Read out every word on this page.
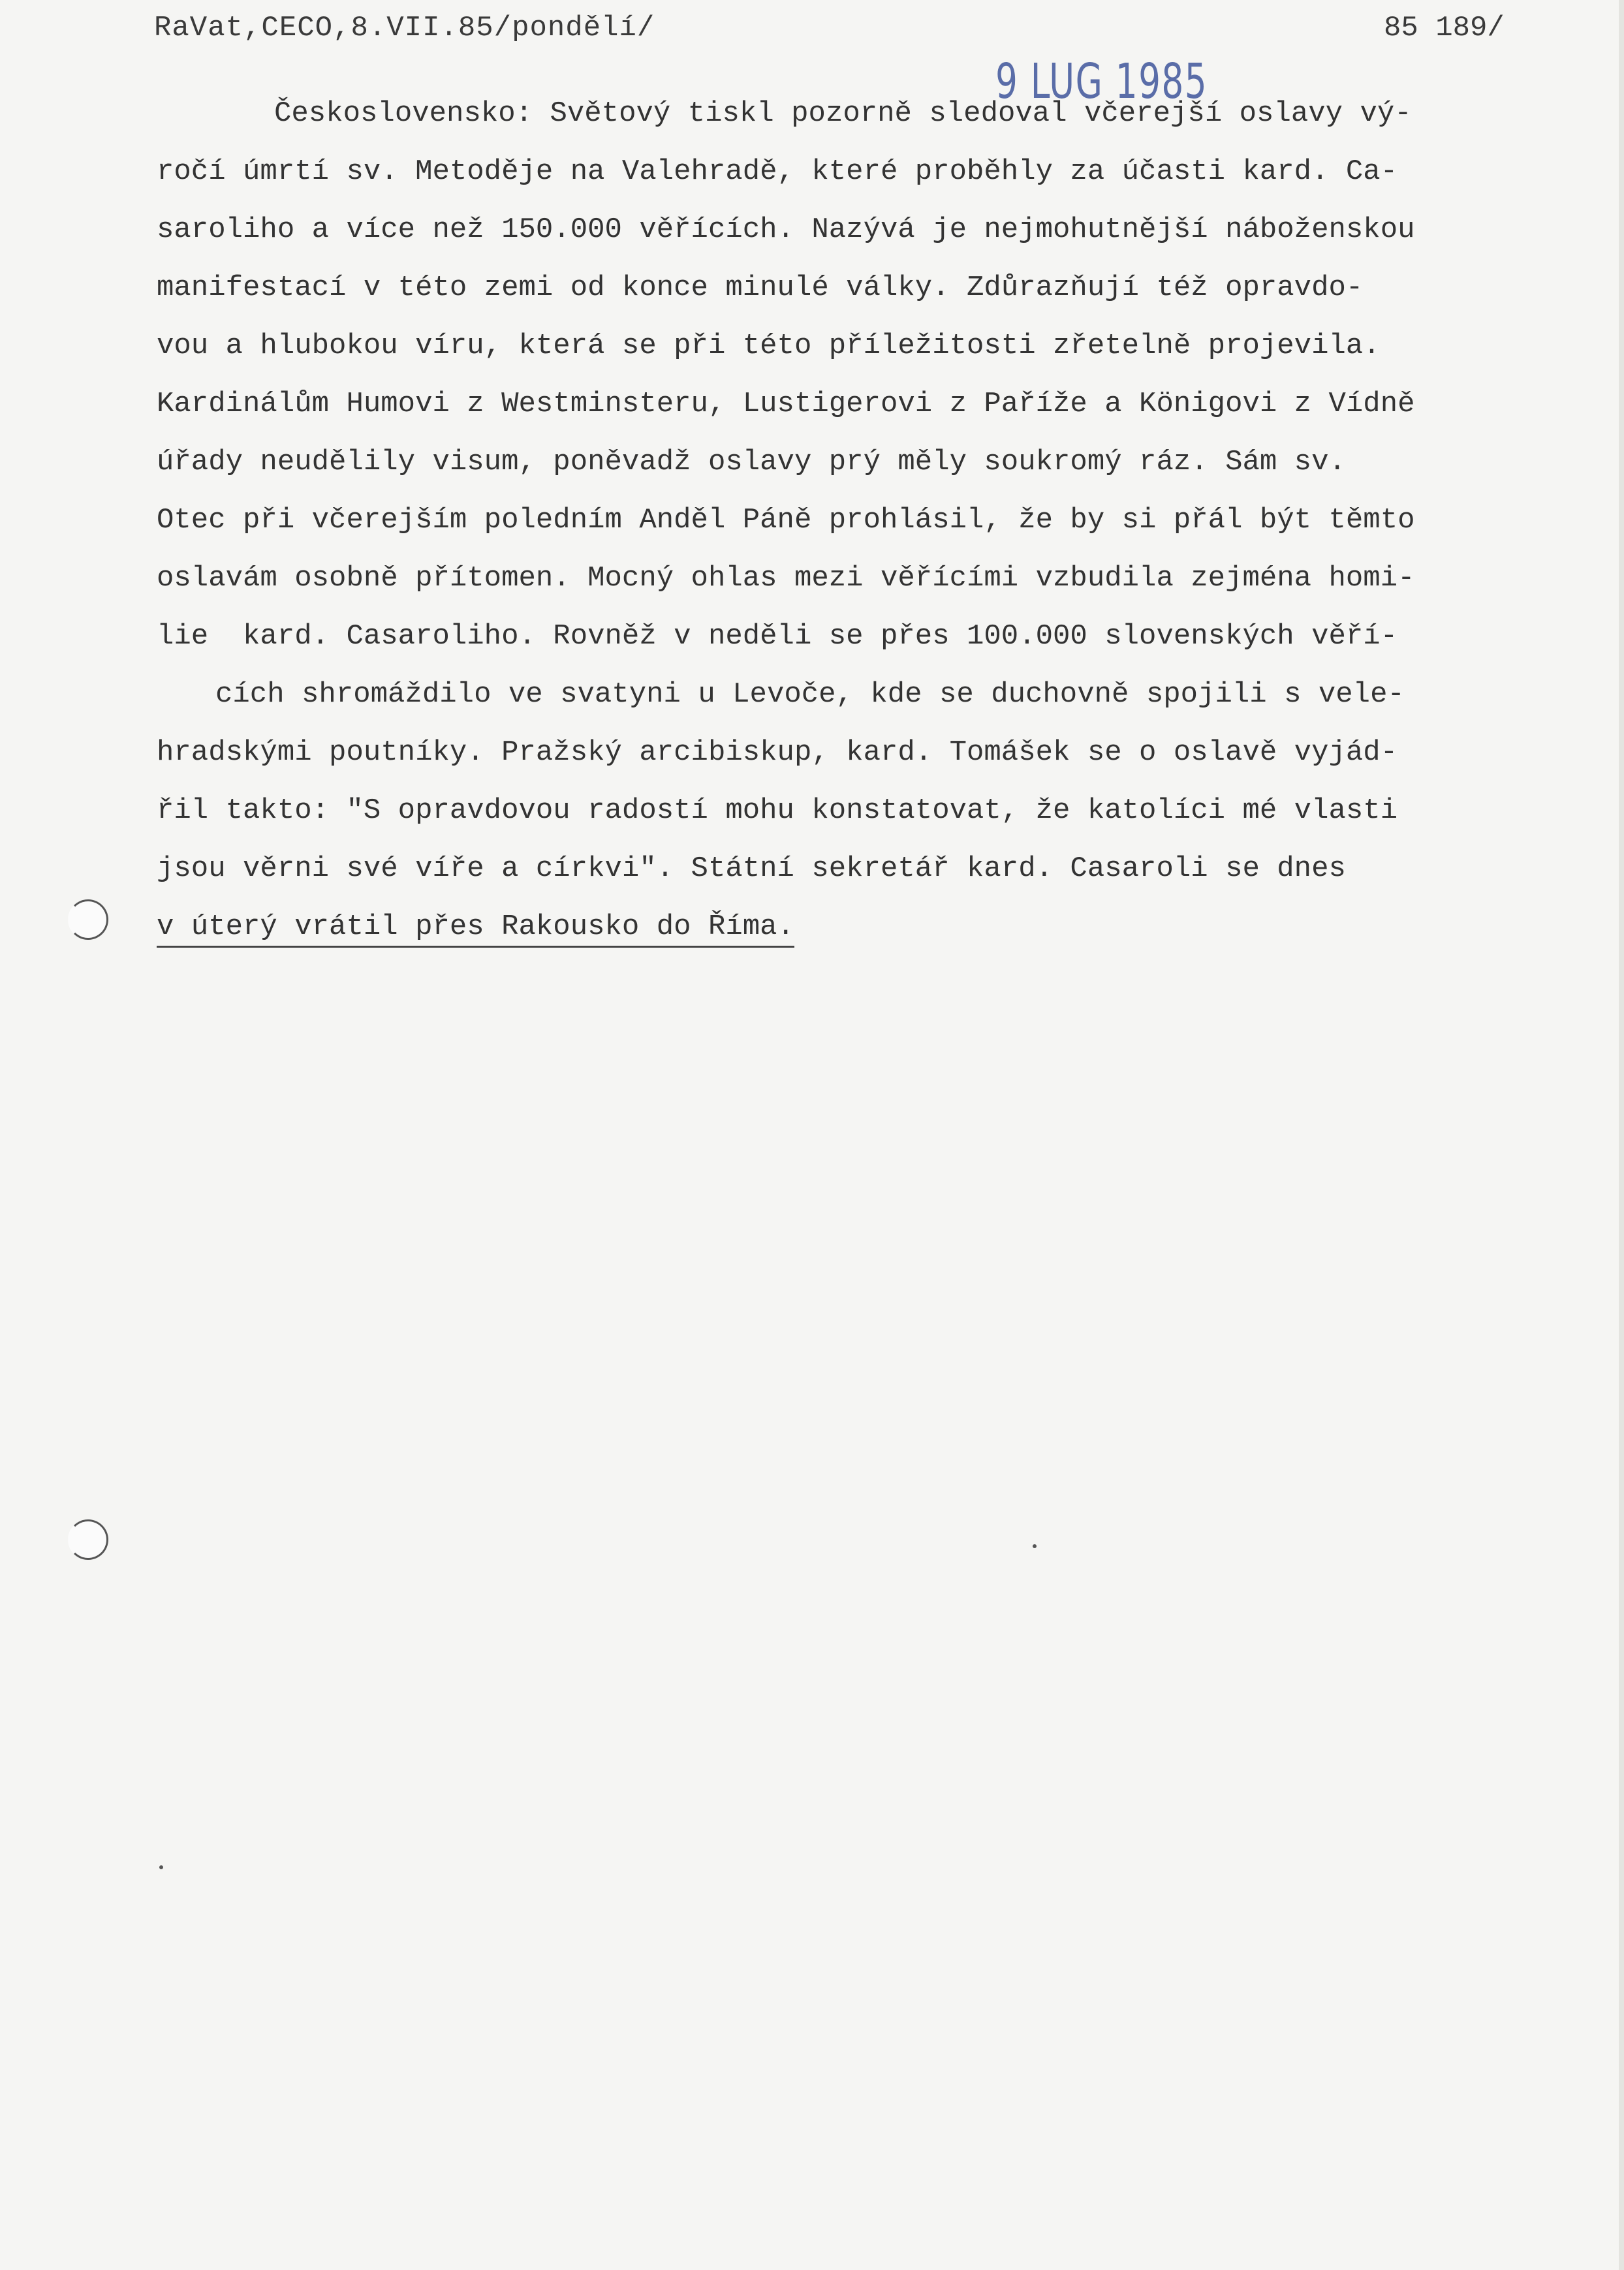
RaVat,CECO,8.VII.85/pondělí/	85 189/
9 LUG 1985
Československo: Světový tiskl pozorně sledoval včerejší oslavy vý-
ročí úmrtí sv. Metoděje na Valehradě, které proběhly za účasti kard. Ca-
saroliho a více než 150.000 věřících. Nazývá je nejmohutnější náboženskou
manifestací v této zemi od konce minulé války. Zdůrazňují též opravdo-
vou a hlubokou víru, která se při této příležitosti zřetelně projevila.
Kardinálům Humovi z Westminsteru, Lustigerovi z Paříže a Königovi z Vídně
úřady neudělily visum, poněvadž oslavy prý měly soukromý ráz. Sám sv.
Otec při včerejším poledním Anděl Páně prohlásil, že by si přál být těmto
oslavám osobně přítomen. Mocný ohlas mezi věřícími vzbudila zejména homi-
lie  kard. Casaroliho. Rovněž v neděli se přes 100.000 slovenských věří-
cích shromáždilo ve svatyni u Levoče, kde se duchovně spojili s vele-
hradskými poutníky. Pražský arcibiskup, kard. Tomášek se o oslavě vyjád-
řil takto: "S opravdovou radostí mohu konstatovat, že katolíci mé vlasti
jsou věrni své víře a církvi". Státní sekretář kard. Casaroli se dnes
v úterý vrátil přes Rakousko do Říma.
